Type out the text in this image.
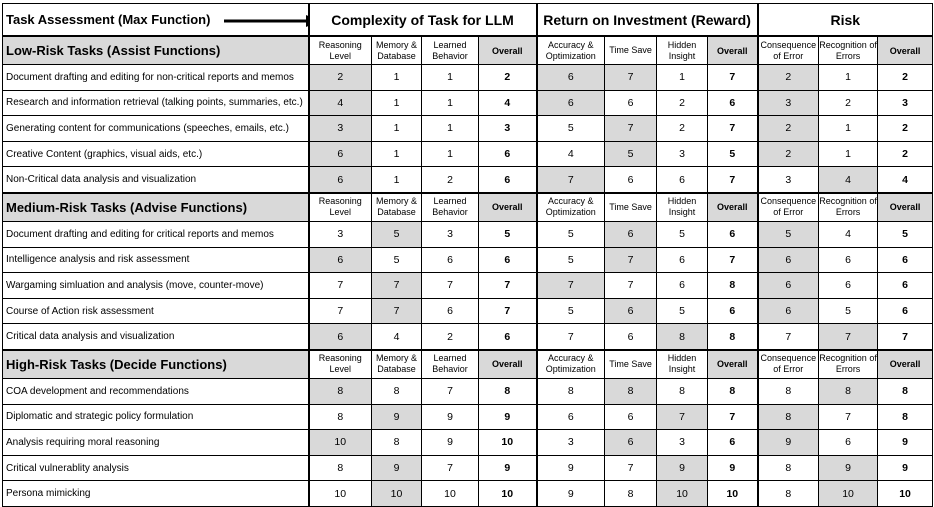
Task Assessment (Max Function)	Complexity of Task for LLM				Return on Investment (Reward)				Risk		
Low-Risk Tasks (Assist Functions)	Reasoning Level	Memory & Database	Learned Behavior	Overall	Accuracy & Optimization	Time Save	Hidden Insight	Overall	Consequence of Error	Recognition of Errors	Overall
Document drafting and editing for non-critical reports and memos	2	1	1	2	6	7	1	7	2	1	2
Research and information retrieval (talking points, summaries, etc.)	4	1	1	4	6	6	2	6	3	2	3
Generating content for communications (speeches, emails, etc.)	3	1	1	3	5	7	2	7	2	1	2
Creative Content (graphics, visual aids, etc.)	6	1	1	6	4	5	3	5	2	1	2
Non-Critical data analysis and visualization	6	1	2	6	7	6	6	7	3	4	4
Medium-Risk Tasks (Advise Functions)	Reasoning Level	Memory & Database	Learned Behavior	Overall	Accuracy & Optimization	Time Save	Hidden Insight	Overall	Consequence of Error	Recognition of Errors	Overall
Document drafting and editing for critical reports and memos	3	5	3	5	5	6	5	6	5	4	5
Intelligence analysis and risk assessment	6	5	6	6	5	7	6	7	6	6	6
Wargaming simluation and analysis (move, counter-move)	7	7	7	7	7	7	6	8	6	6	6
Course of Action risk assessment	7	7	6	7	5	6	5	6	6	5	6
Critical data analysis and visualization	6	4	2	6	7	6	8	8	7	7	7
High-Risk Tasks (Decide Functions)	Reasoning Level	Memory & Database	Learned Behavior	Overall	Accuracy & Optimization	Time Save	Hidden Insight	Overall	Consequence of Error	Recognition of Errors	Overall
COA development and recommendations	8	8	7	8	8	8	8	8	8	8	8
Diplomatic and strategic policy formulation	8	9	9	9	6	6	7	7	8	7	8
Analysis requiring moral reasoning	10	8	9	10	3	6	3	6	9	6	9
Critical vulnerablity analysis	8	9	7	9	9	7	9	9	8	9	9
Persona mimicking	10	10	10	10	9	8	10	10	8	10	10
